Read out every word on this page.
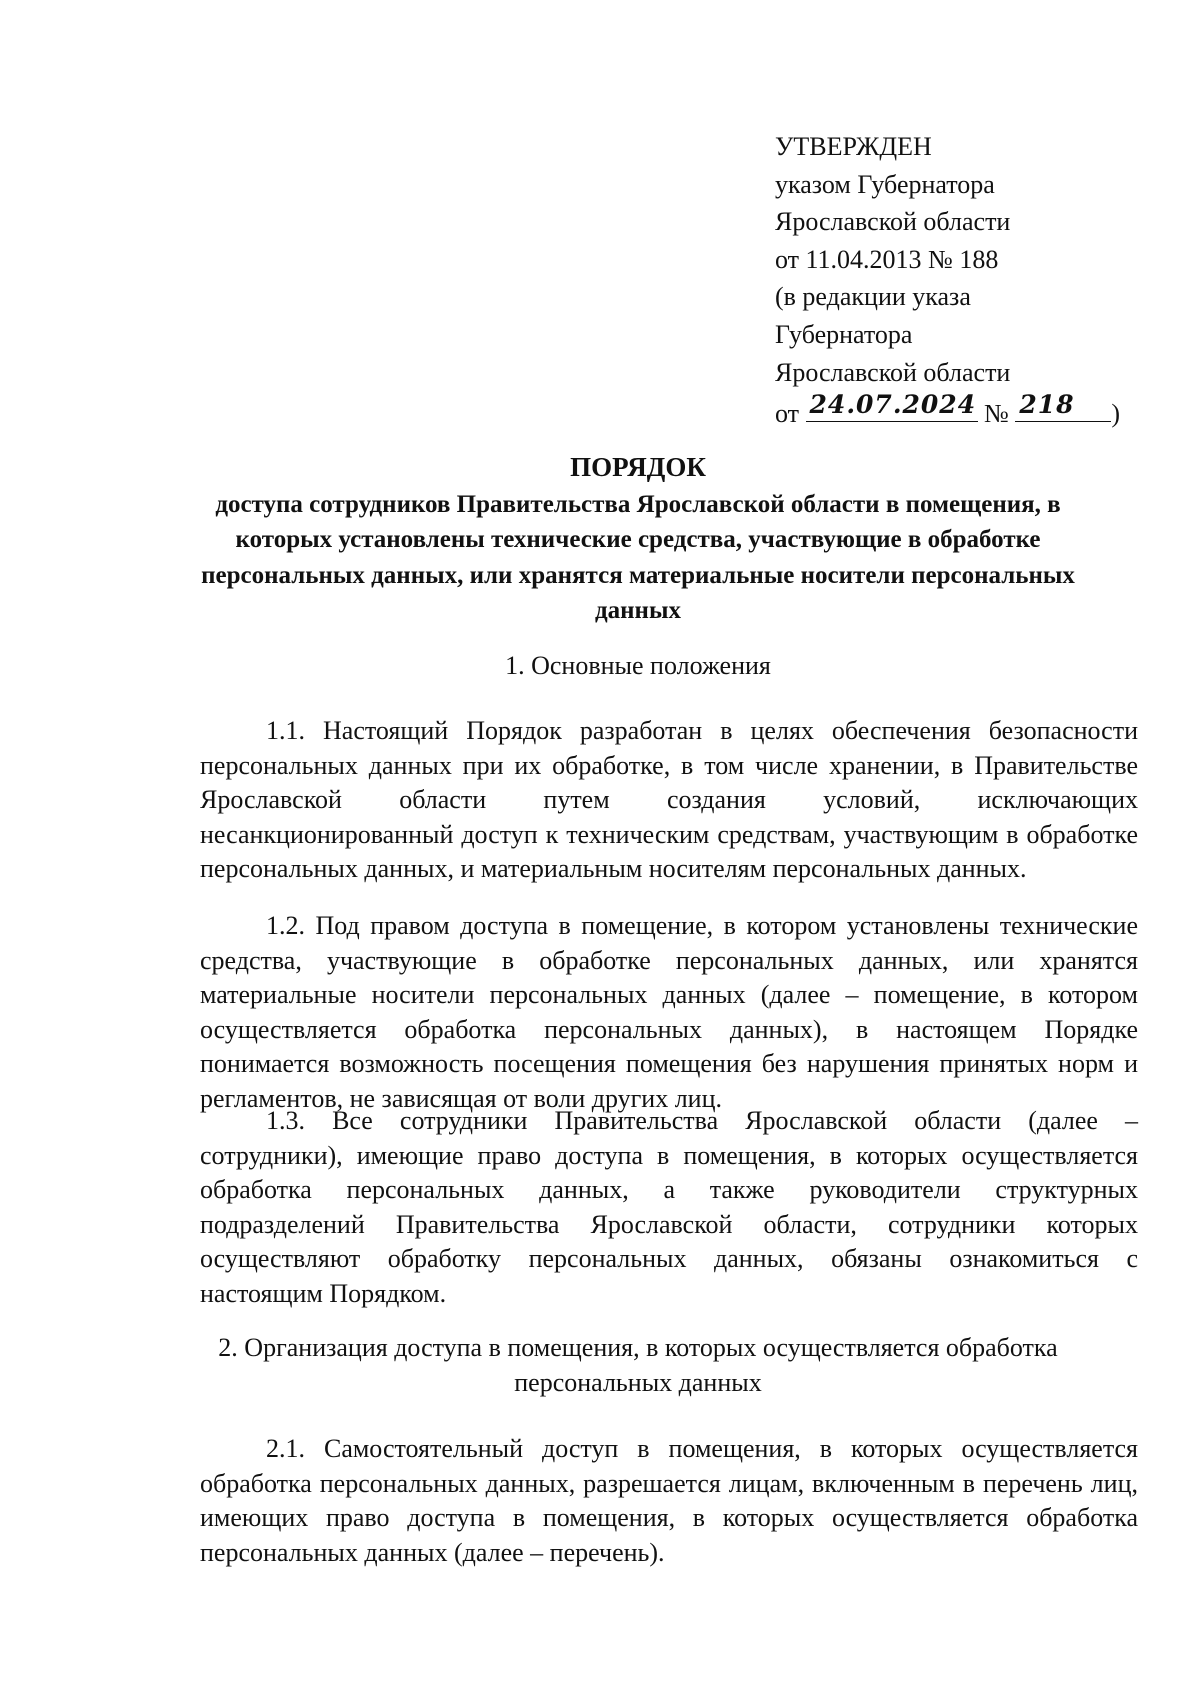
УТВЕРЖДЕН
указом Губернатора
Ярославской области
от 11.04.2013 № 188
(в редакции указа
Губернатора
Ярославской области
от 24.07.2024 № 218 )
ПОРЯДОК
доступа сотрудников Правительства Ярославской области в помещения, в которых установлены технические средства, участвующие в обработке персональных данных, или хранятся материальные носители персональных данных
1. Основные положения
1.1. Настоящий Порядок разработан в целях обеспечения безопасности персональных данных при их обработке, в том числе хранении, в Правительстве Ярославской области путем создания условий, исключающих несанкционированный доступ к техническим средствам, участвующим в обработке персональных данных, и материальным носителям персональных данных.
1.2. Под правом доступа в помещение, в котором установлены технические средства, участвующие в обработке персональных данных, или хранятся материальные носители персональных данных (далее – помещение, в котором осуществляется обработка персональных данных), в настоящем Порядке понимается возможность посещения помещения без нарушения принятых норм и регламентов, не зависящая от воли других лиц.
1.3. Все сотрудники Правительства Ярославской области (далее – сотрудники), имеющие право доступа в помещения, в которых осуществляется обработка персональных данных, а также руководители структурных подразделений Правительства Ярославской области, сотрудники которых осуществляют обработку персональных данных, обязаны ознакомиться с настоящим Порядком.
2. Организация доступа в помещения, в которых осуществляется обработка персональных данных
2.1. Самостоятельный доступ в помещения, в которых осуществляется обработка персональных данных, разрешается лицам, включенным в перечень лиц, имеющих право доступа в помещения, в которых осуществляется обработка персональных данных (далее – перечень).
